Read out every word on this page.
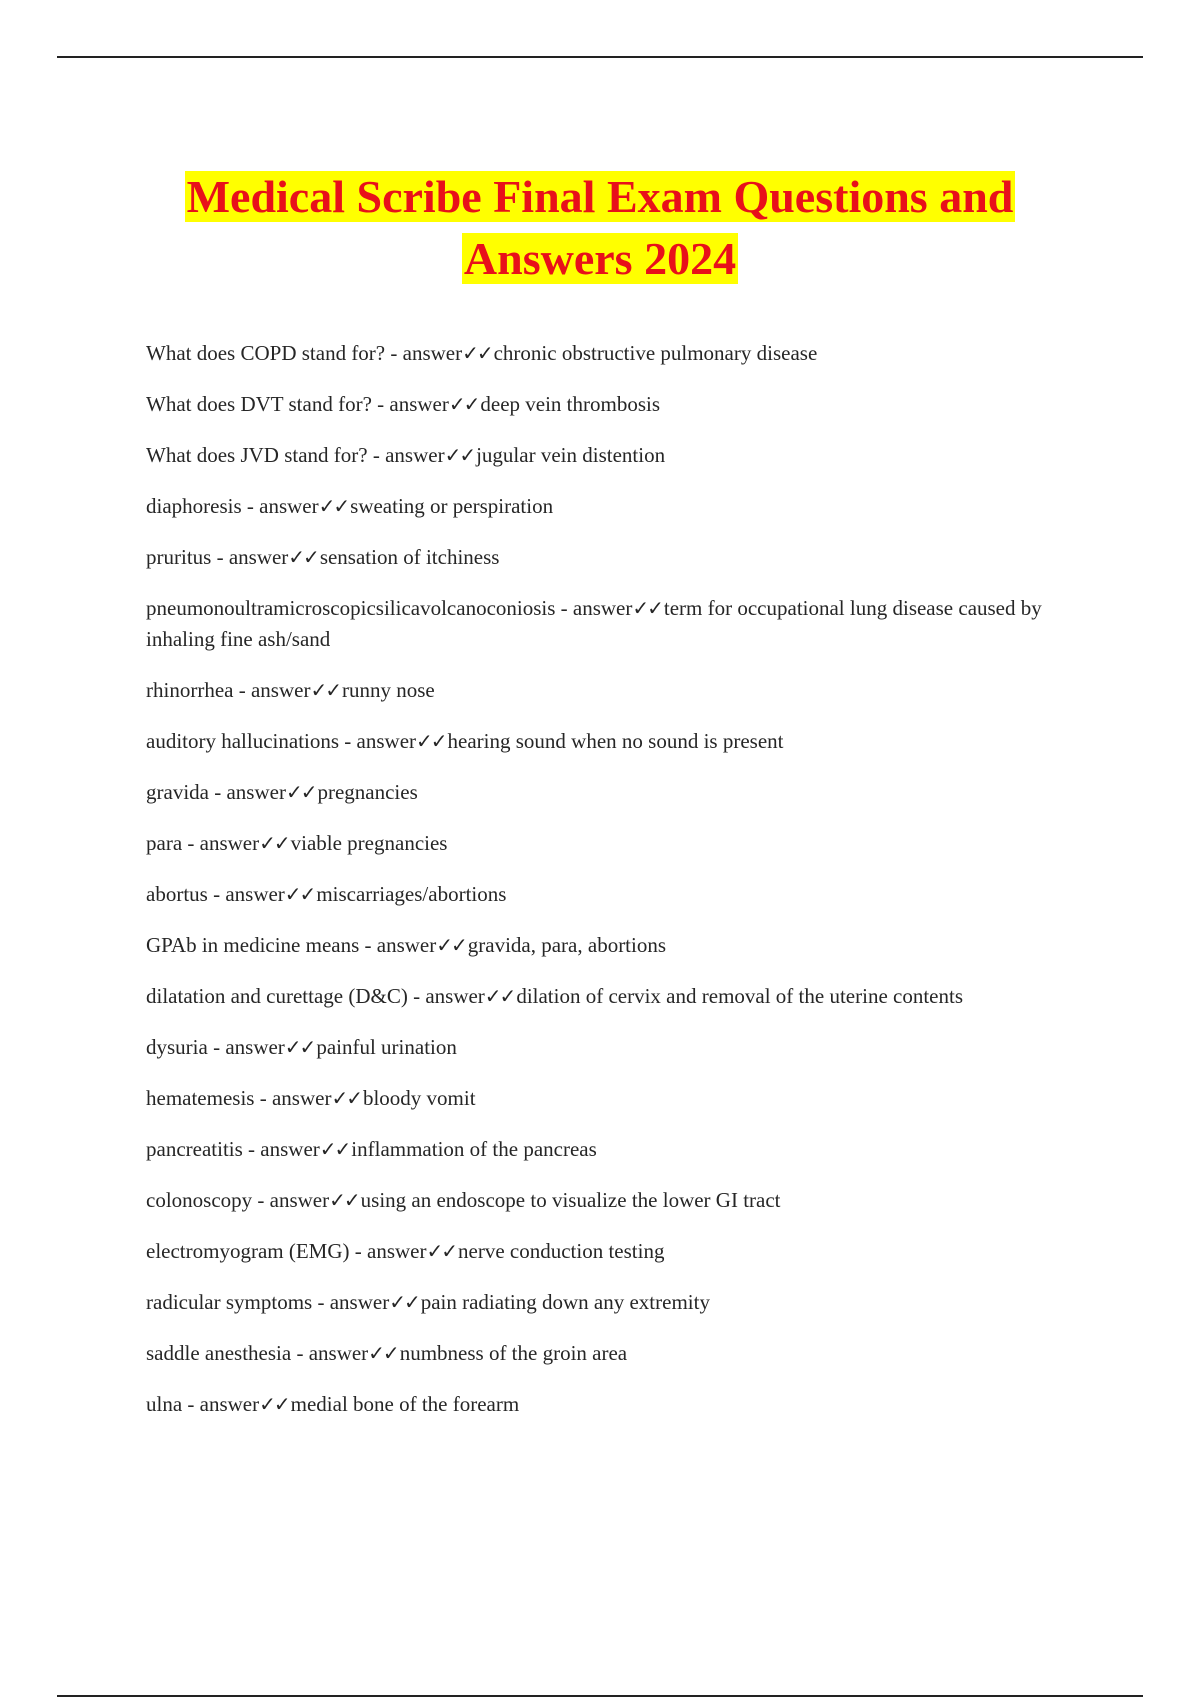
Medical Scribe Final Exam Questions and
Answers 2024
What does COPD stand for? - answer✓✓chronic obstructive pulmonary disease
What does DVT stand for? - answer✓✓deep vein thrombosis
What does JVD stand for? - answer✓✓jugular vein distention
diaphoresis - answer✓✓sweating or perspiration
pruritus - answer✓✓sensation of itchiness
pneumonoultramicroscopicsilicavolcanoconiosis - answer✓✓term for occupational lung disease caused by inhaling fine ash/sand
rhinorrhea - answer✓✓runny nose
auditory hallucinations - answer✓✓hearing sound when no sound is present
gravida - answer✓✓pregnancies
para - answer✓✓viable pregnancies
abortus - answer✓✓miscarriages/abortions
GPAb in medicine means - answer✓✓gravida, para, abortions
dilatation and curettage (D&C) - answer✓✓dilation of cervix and removal of the uterine contents
dysuria - answer✓✓painful urination
hematemesis - answer✓✓bloody vomit
pancreatitis - answer✓✓inflammation of the pancreas
colonoscopy - answer✓✓using an endoscope to visualize the lower GI tract
electromyogram (EMG) - answer✓✓nerve conduction testing
radicular symptoms - answer✓✓pain radiating down any extremity
saddle anesthesia - answer✓✓numbness of the groin area
ulna - answer✓✓medial bone of the forearm
